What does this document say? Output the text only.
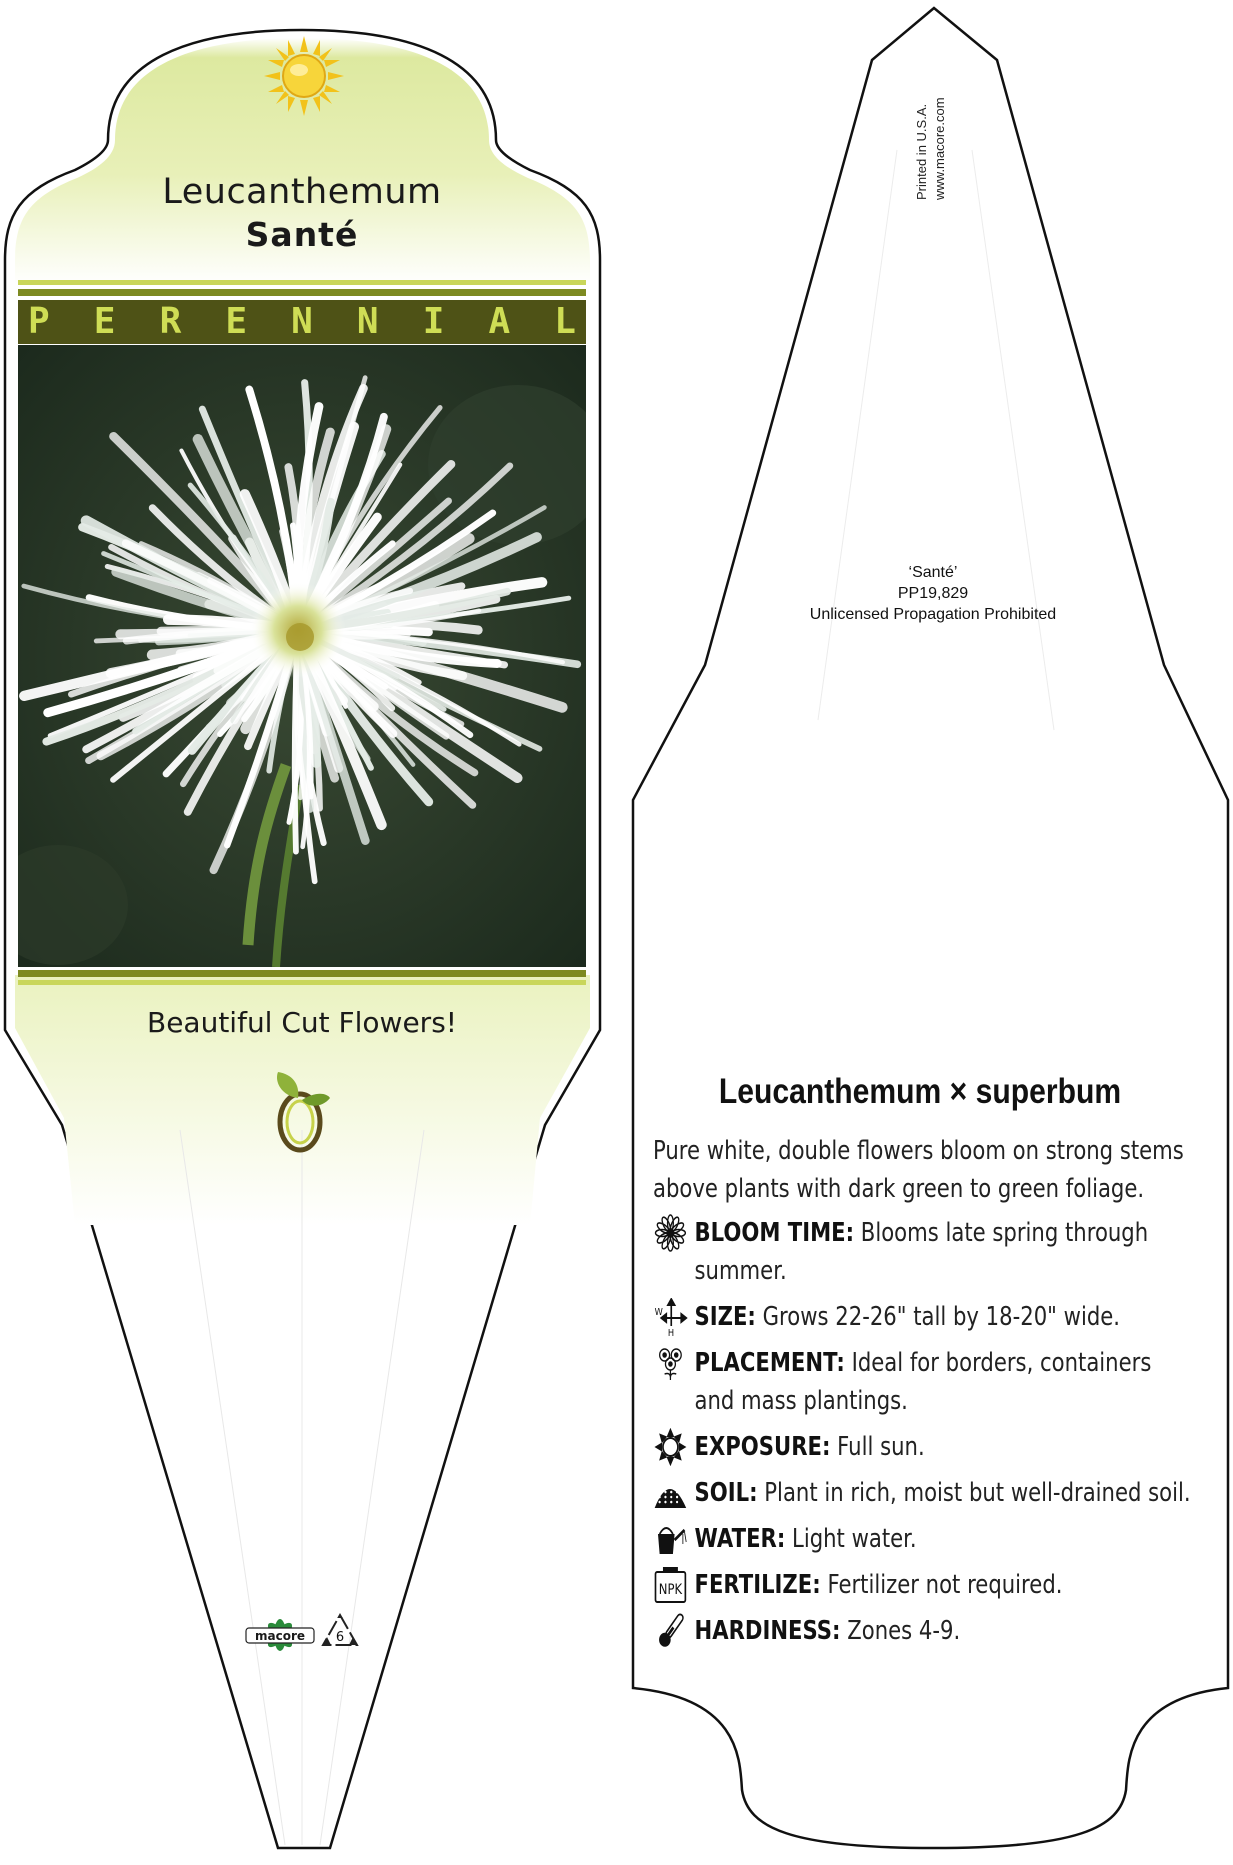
Leucanthemum
Santé
P E R E N N I A L
Beautiful Cut Flowers!
macore 6
Printed in U.S.A. www.macore.com
‘Santé’
PP19,829
Unlicensed Propagation Prohibited
Leucanthemum × superbum
Pure white, double flowers bloom on strong stems above plants with dark green to green foliage.
BLOOM TIME: Blooms late spring through summer.
W
H
SIZE: Grows 22-26" tall by 18-20" wide.
PLACEMENT: Ideal for borders, containers and mass plantings.
EXPOSURE: Full sun.
SOIL: Plant in rich, moist but well-drained soil.
WATER: Light water.
NPK FERTILIZE: Fertilizer not required.
HARDINESS: Zones 4-9.
